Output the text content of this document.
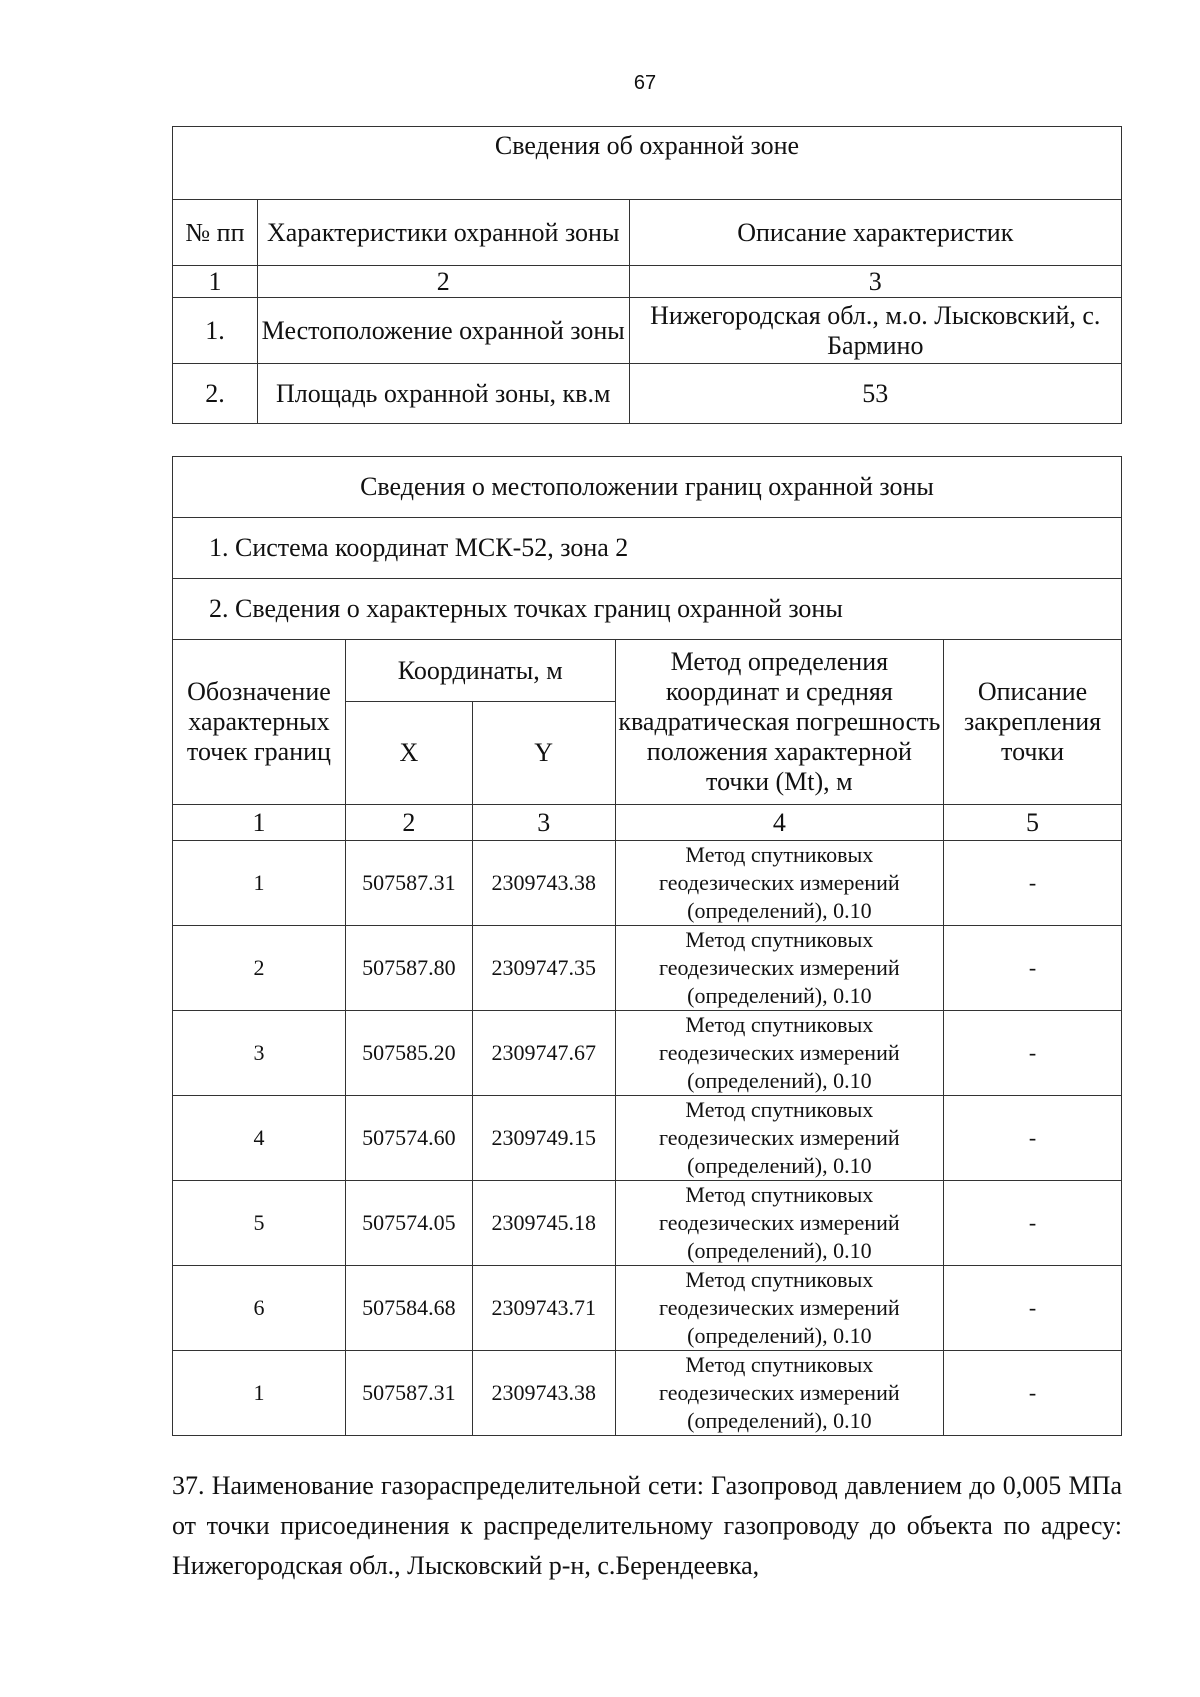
67
Сведения об охранной зоне		
№ пп	Характеристики охранной зоны	Описание характеристик
1	2	3
1.	Местоположение охранной зоны	Нижегородская обл., м.о. Лысковский, с. Бармино
2.	Площадь охранной зоны, кв.м	53
Сведения о местоположении границ охранной зоны				
1. Система координат МСК-52, зона 2				
2. Сведения о характерных точках границ охранной зоны				
Обозначение характерных точек границ	Координаты, м		Метод определения координат и средняя квадратическая погрешность положения характерной точки (Mt), м	Описание закрепления точки
	X	Y		
1	2	3	4	5
1	507587.31	2309743.38	Метод спутниковых геодезических измерений (определений), 0.10	-
2	507587.80	2309747.35	Метод спутниковых геодезических измерений (определений), 0.10	-
3	507585.20	2309747.67	Метод спутниковых геодезических измерений (определений), 0.10	-
4	507574.60	2309749.15	Метод спутниковых геодезических измерений (определений), 0.10	-
5	507574.05	2309745.18	Метод спутниковых геодезических измерений (определений), 0.10	-
6	507584.68	2309743.71	Метод спутниковых геодезических измерений (определений), 0.10	-
1	507587.31	2309743.38	Метод спутниковых геодезических измерений (определений), 0.10	-
37. Наименование газораспределительной сети: Газопровод давлением до 0,005 МПа от точки присоединения к распределительному газопроводу до объекта по адресу: Нижегородская обл., Лысковский р-н, с.Берендеевка,
